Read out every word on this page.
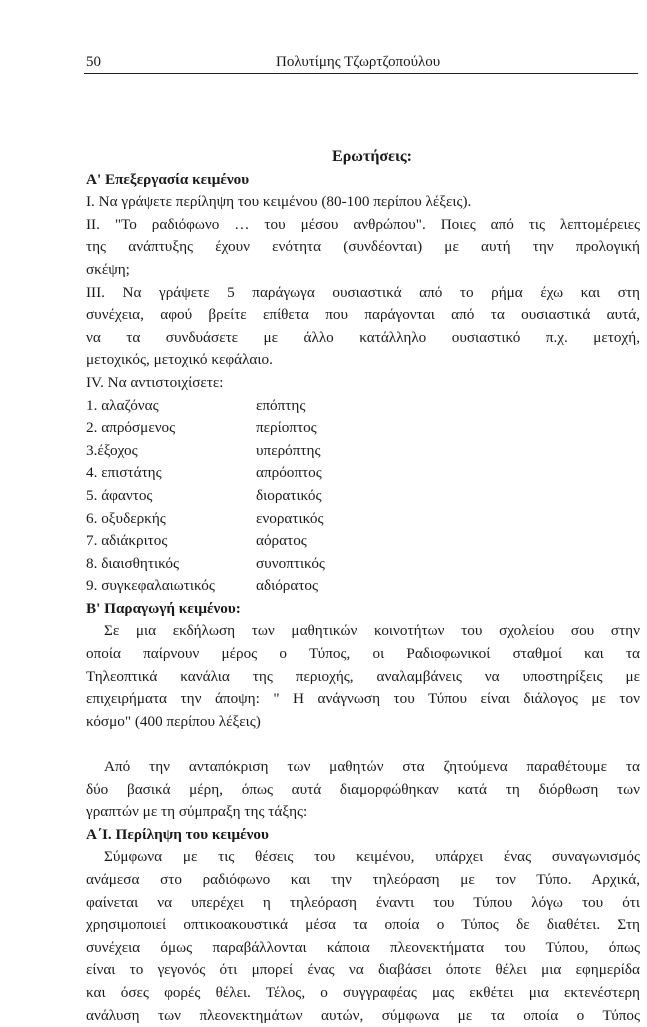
50	Πολυτίμης Τζωρτζοπούλου
Ερωτήσεις:
Α' Επεξεργασία κειμένου
Ι. Να γράψετε περίληψη του κειμένου (80-100 περίπου λέξεις).
ΙΙ. "Το ραδιόφωνο … του μέσου ανθρώπου". Ποιες από τις λεπτομέρειες
της ανάπτυξης έχουν ενότητα (συνδέονται) με αυτή την προλογική
σκέψη;
ΙΙΙ. Να γράψετε 5 παράγωγα ουσιαστικά από το ρήμα έχω και στη
συνέχεια, αφού βρείτε επίθετα που παράγονται από τα ουσιαστικά αυτά,
να τα συνδυάσετε με άλλο κατάλληλο ουσιαστικό π.χ. μετοχή,
μετοχικός, μετοχικό κεφάλαιο.
ΙV. Να αντιστοιχίσετε:
1. αλαζόνας	επόπτης
2. απρόσμενος	περίοπτος
3.έξοχος	υπερόπτης
4. επιστάτης	απρόοπτος
5. άφαντος	διορατικός
6. οξυδερκής	ενορατικός
7. αδιάκριτος	αόρατος
8. διαισθητικός	συνοπτικός
9. συγκεφαλαιωτικός	αδιόρατος
Β' Παραγωγή κειμένου:
Σε μια εκδήλωση των μαθητικών κοινοτήτων του σχολείου σου στην
οποία παίρνουν μέρος ο Τύπος, οι Ραδιοφωνικοί σταθμοί και τα
Τηλεοπτικά κανάλια της περιοχής, αναλαμβάνεις να υποστηρίξεις με
επιχειρήματα την άποψη: " Η ανάγνωση του Τύπου είναι διάλογος με τον
κόσμο" (400 περίπου λέξεις)
Από την ανταπόκριση των μαθητών στα ζητούμενα παραθέτουμε τα
δύο βασικά μέρη, όπως αυτά διαμορφώθηκαν κατά τη διόρθωση των
γραπτών με τη σύμπραξη της τάξης:
Α΄Ι. Περίληψη του κειμένου
Σύμφωνα με τις θέσεις του κειμένου, υπάρχει ένας συναγωνισμός
ανάμεσα στο ραδιόφωνο και την τηλεόραση με τον Τύπο. Αρχικά,
φαίνεται να υπερέχει η τηλεόραση έναντι του Τύπου λόγω του ότι
χρησιμοποιεί οπτικοακουστικά μέσα τα οποία ο Τύπος δε διαθέτει. Στη
συνέχεια όμως παραβάλλονται κάποια πλεονεκτήματα του Τύπου, όπως
είναι το γεγονός ότι μπορεί ένας να διαβάσει όποτε θέλει μια εφημερίδα
και όσες φορές θέλει. Τέλος, ο συγγραφέας μας εκθέτει μια εκτενέστερη
ανάλυση των πλεονεκτημάτων αυτών, σύμφωνα με τα οποία ο Τύπος
